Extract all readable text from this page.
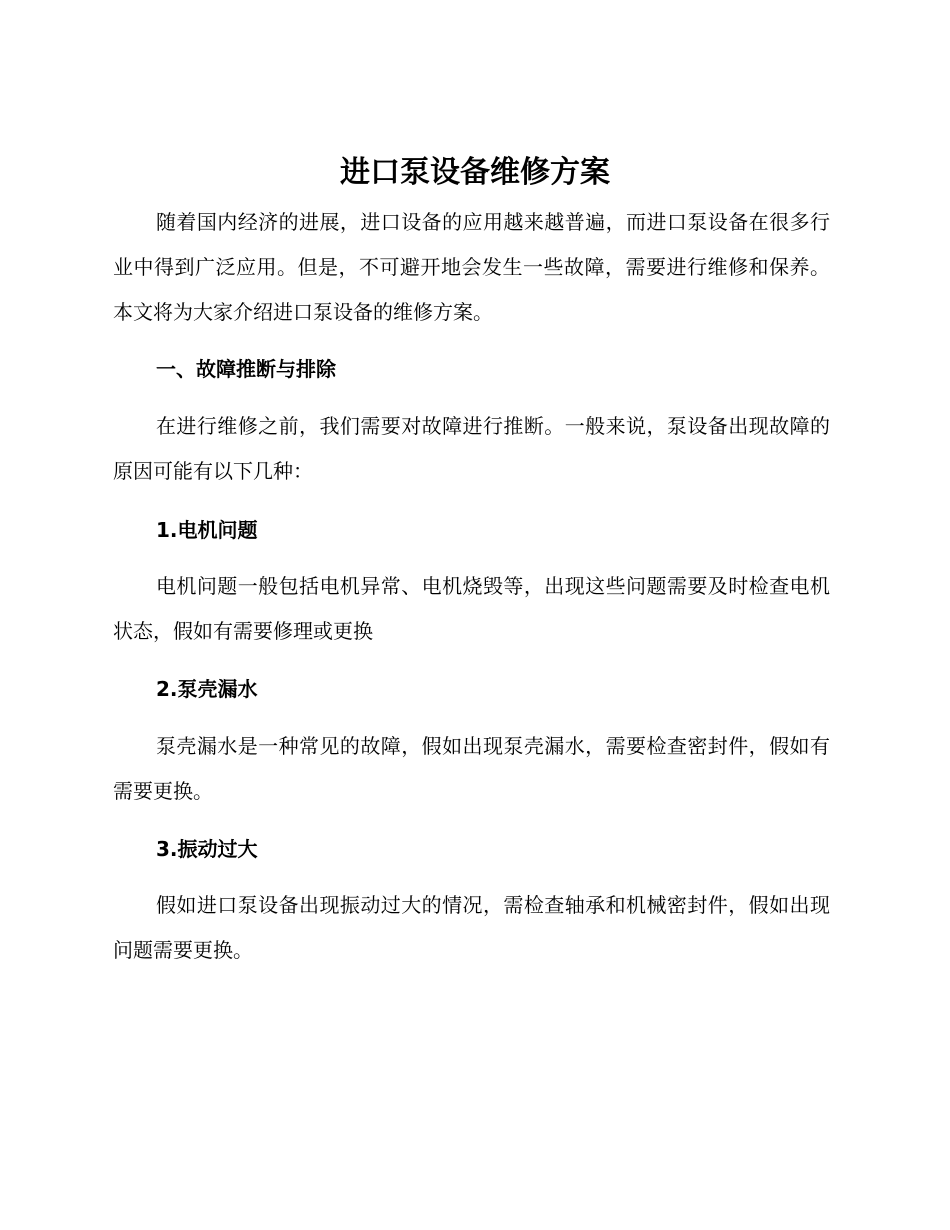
进口泵设备维修方案

随着国内经济的进展，进口设备的应用越来越普遍，而进口泵设备在很多行业中得到广泛应用。但是，不可避开地会发生一些故障，需要进行维修和保养。本文将为大家介绍进口泵设备的维修方案。

一、故障推断与排除

在进行维修之前，我们需要对故障进行推断。一般来说，泵设备出现故障的原因可能有以下几种：

1.电机问题

电机问题一般包括电机异常、电机烧毁等，出现这些问题需要及时检查电机状态，假如有需要修理或更换

2.泵壳漏水

泵壳漏水是一种常见的故障，假如出现泵壳漏水，需要检查密封件，假如有需要更换。

3.振动过大

假如进口泵设备出现振动过大的情况，需检查轴承和机械密封件，假如出现问题需要更换。
